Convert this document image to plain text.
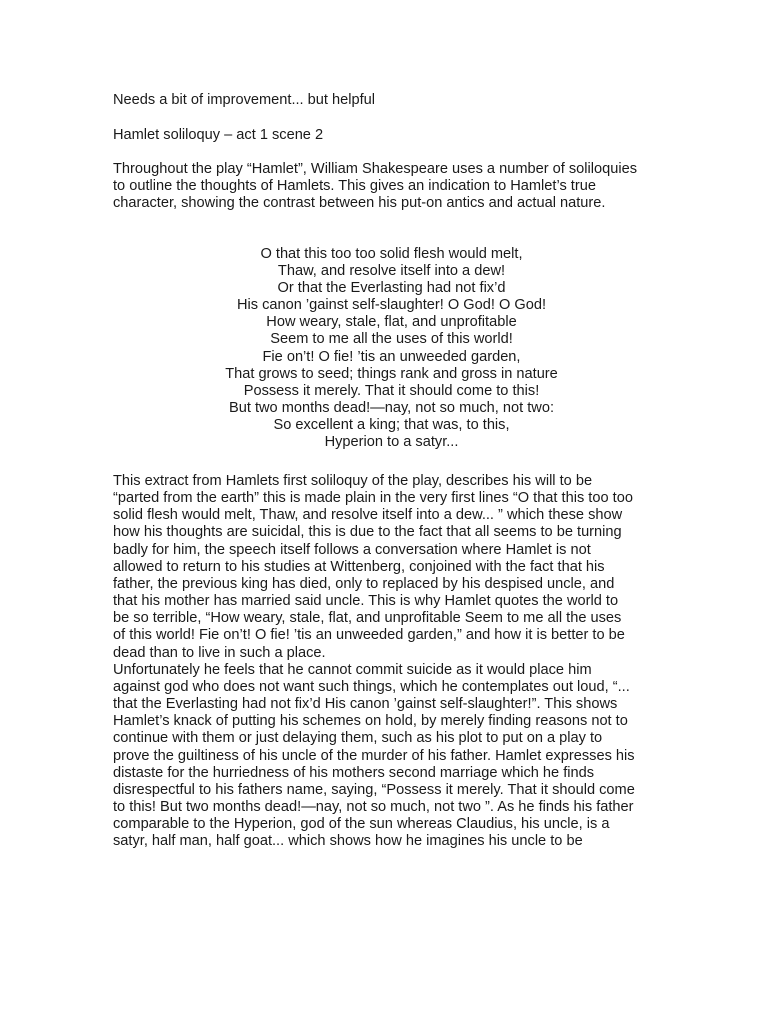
Needs a bit of improvement... but helpful

Hamlet soliloquy – act 1 scene 2

Throughout the play “Hamlet”, William Shakespeare uses a number of soliloquies

to outline the thoughts of Hamlets. This gives an indication to Hamlet’s true

character, showing the contrast between his put-on antics and actual nature.

O that this too too solid flesh would melt,
Thaw, and resolve itself into a dew!
Or that the Everlasting had not fix’d
His canon ’gainst self-slaughter! O God! O God!
How weary, stale, flat, and unprofitable
Seem to me all the uses of this world!
Fie on’t! O fie! ’tis an unweeded garden,
That grows to seed; things rank and gross in nature
Possess it merely. That it should come to this!
But two months dead!—nay, not so much, not two:
So excellent a king; that was, to this,
Hyperion to a satyr...
This extract from Hamlets first soliloquy of the play, describes his will to be
“parted from the earth” this is made plain in the very first lines “O that this too too
solid flesh would melt, Thaw, and resolve itself into a dew... ” which these show
how his thoughts are suicidal, this is due to the fact that all seems to be turning
badly for him, the speech itself follows a conversation where Hamlet is not
allowed to return to his studies at Wittenberg, conjoined with the fact that his
father, the previous king has died, only to replaced by his despised uncle, and
that his mother has married said uncle. This is why Hamlet quotes the world to
be so terrible, “How weary, stale, flat, and unprofitable Seem to me all the uses
of this world! Fie on’t! O fie! ’tis an unweeded garden,” and how it is better to be
dead than to live in such a place.
Unfortunately he feels that he cannot commit suicide as it would place him
against god who does not want such things, which he contemplates out loud, “...
that the Everlasting had not fix’d His canon ’gainst self-slaughter!”. This shows
Hamlet’s knack of putting his schemes on hold, by merely finding reasons not to
continue with them or just delaying them, such as his plot to put on a play to
prove the guiltiness of his uncle of the murder of his father. Hamlet expresses his
distaste for the hurriedness of his mothers second marriage which he finds
disrespectful to his fathers name, saying, “Possess it merely. That it should come
to this! But two months dead!—nay, not so much, not two ”. As he finds his father
comparable to the Hyperion, god of the sun whereas Claudius, his uncle, is a
satyr, half man, half goat... which shows how he imagines his uncle to be
